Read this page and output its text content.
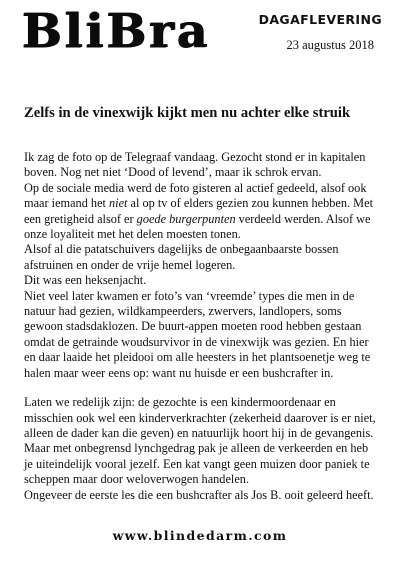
BliBra	DAGAFLEVERING
23 augustus 2018
Zelfs in de vinexwijk kijkt men nu achter elke struik

Ik zag de foto op de Telegraaf vandaag. Gezocht stond er in kapitalen

boven. Nog net niet ‘Dood of levend’, maar ik schrok ervan.

Op de sociale media werd de foto gisteren al actief gedeeld, alsof ook

maar iemand het niet al op tv of elders gezien zou kunnen hebben. Met

een gretigheid alsof er goede burgerpunten verdeeld werden. Alsof we

onze loyaliteit met het delen moesten tonen.

Alsof al die patatschuivers dagelijks de onbegaanbaarste bossen

afstruinen en onder de vrije hemel logeren.

Dit was een heksenjacht.

Niet veel later kwamen er foto’s van ‘vreemde’ types die men in de

natuur had gezien, wildkampeerders, zwervers, landlopers, soms

gewoon stadsdaklozen. De buurt-appen moeten rood hebben gestaan

omdat de getrainde woudsurvivor in de vinexwijk was gezien. En hier

en daar laaide het pleidooi om alle heesters in het plantsoenetje weg te

halen maar weer eens op: want nu huisde er een bushcrafter in.

Laten we redelijk zijn: de gezochte is een kindermoordenaar en

misschien ook wel een kinderverkrachter (zekerheid daarover is er niet,

alleen de dader kan die geven) en natuurlijk hoort hij in de gevangenis.

Maar met onbegrensd lynchgedrag pak je alleen de verkeerden en heb

je uiteindelijk vooral jezelf. Een kat vangt geen muizen door paniek te

scheppen maar door weloverwogen handelen.

Ongeveer de eerste les die een bushcrafter als Jos B. ooit geleerd heeft.

www.blindedarm.com
